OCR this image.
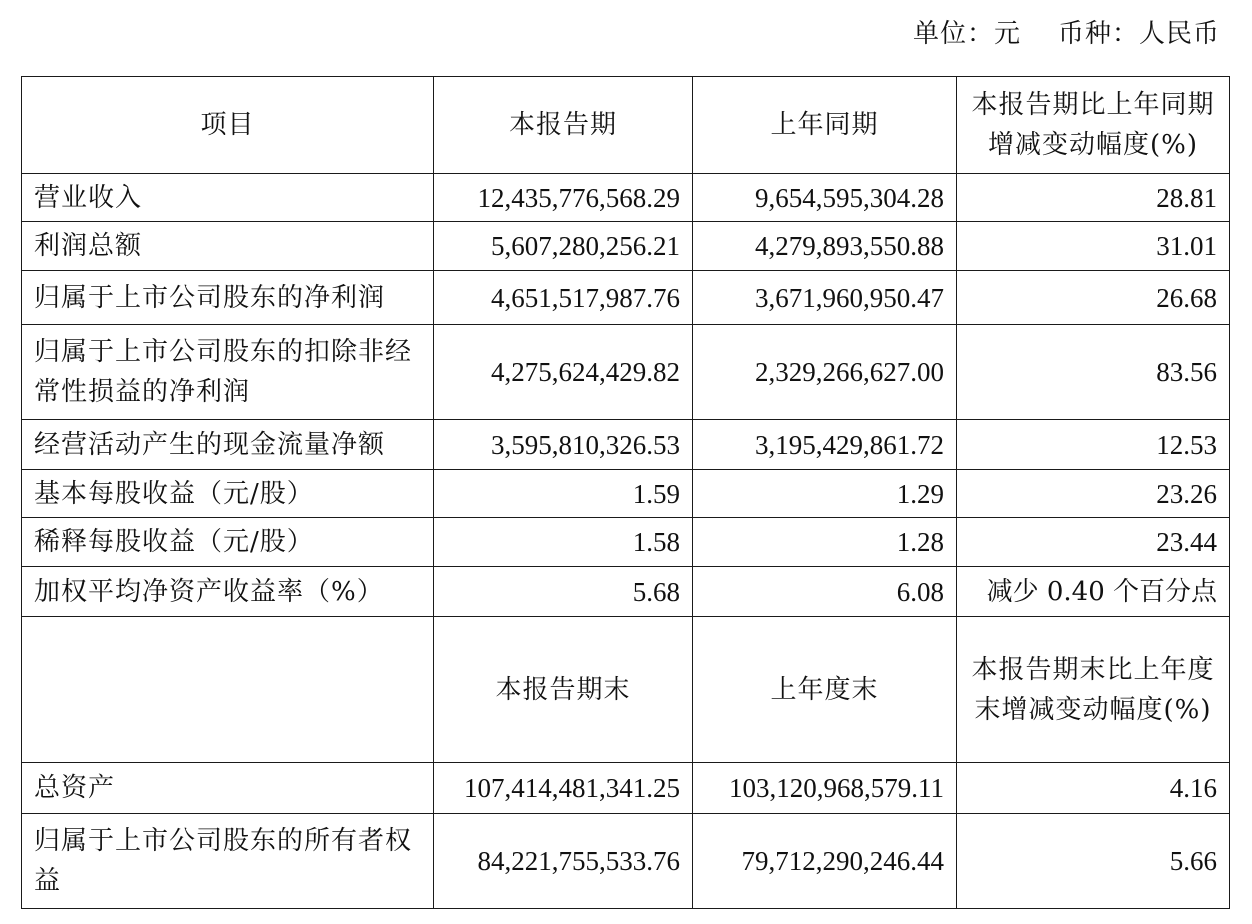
单位：元    币种：人民币
项目	本报告期	上年同期	本报告期比上年同期增减变动幅度(%)
营业收入	12,435,776,568.29	9,654,595,304.28	28.81
利润总额	5,607,280,256.21	4,279,893,550.88	31.01
归属于上市公司股东的净利润	4,651,517,987.76	3,671,960,950.47	26.68
归属于上市公司股东的扣除非经常性损益的净利润	4,275,624,429.82	2,329,266,627.00	83.56
经营活动产生的现金流量净额	3,595,810,326.53	3,195,429,861.72	12.53
基本每股收益（元/股）	1.59	1.29	23.26
稀释每股收益（元/股）	1.58	1.28	23.44
加权平均净资产收益率（%）	5.68	6.08	减少 0.40 个百分点
	本报告期末	上年度末	本报告期末比上年度末增减变动幅度(%)
总资产	107,414,481,341.25	103,120,968,579.11	4.16
归属于上市公司股东的所有者权益	84,221,755,533.76	79,712,290,246.44	5.66
